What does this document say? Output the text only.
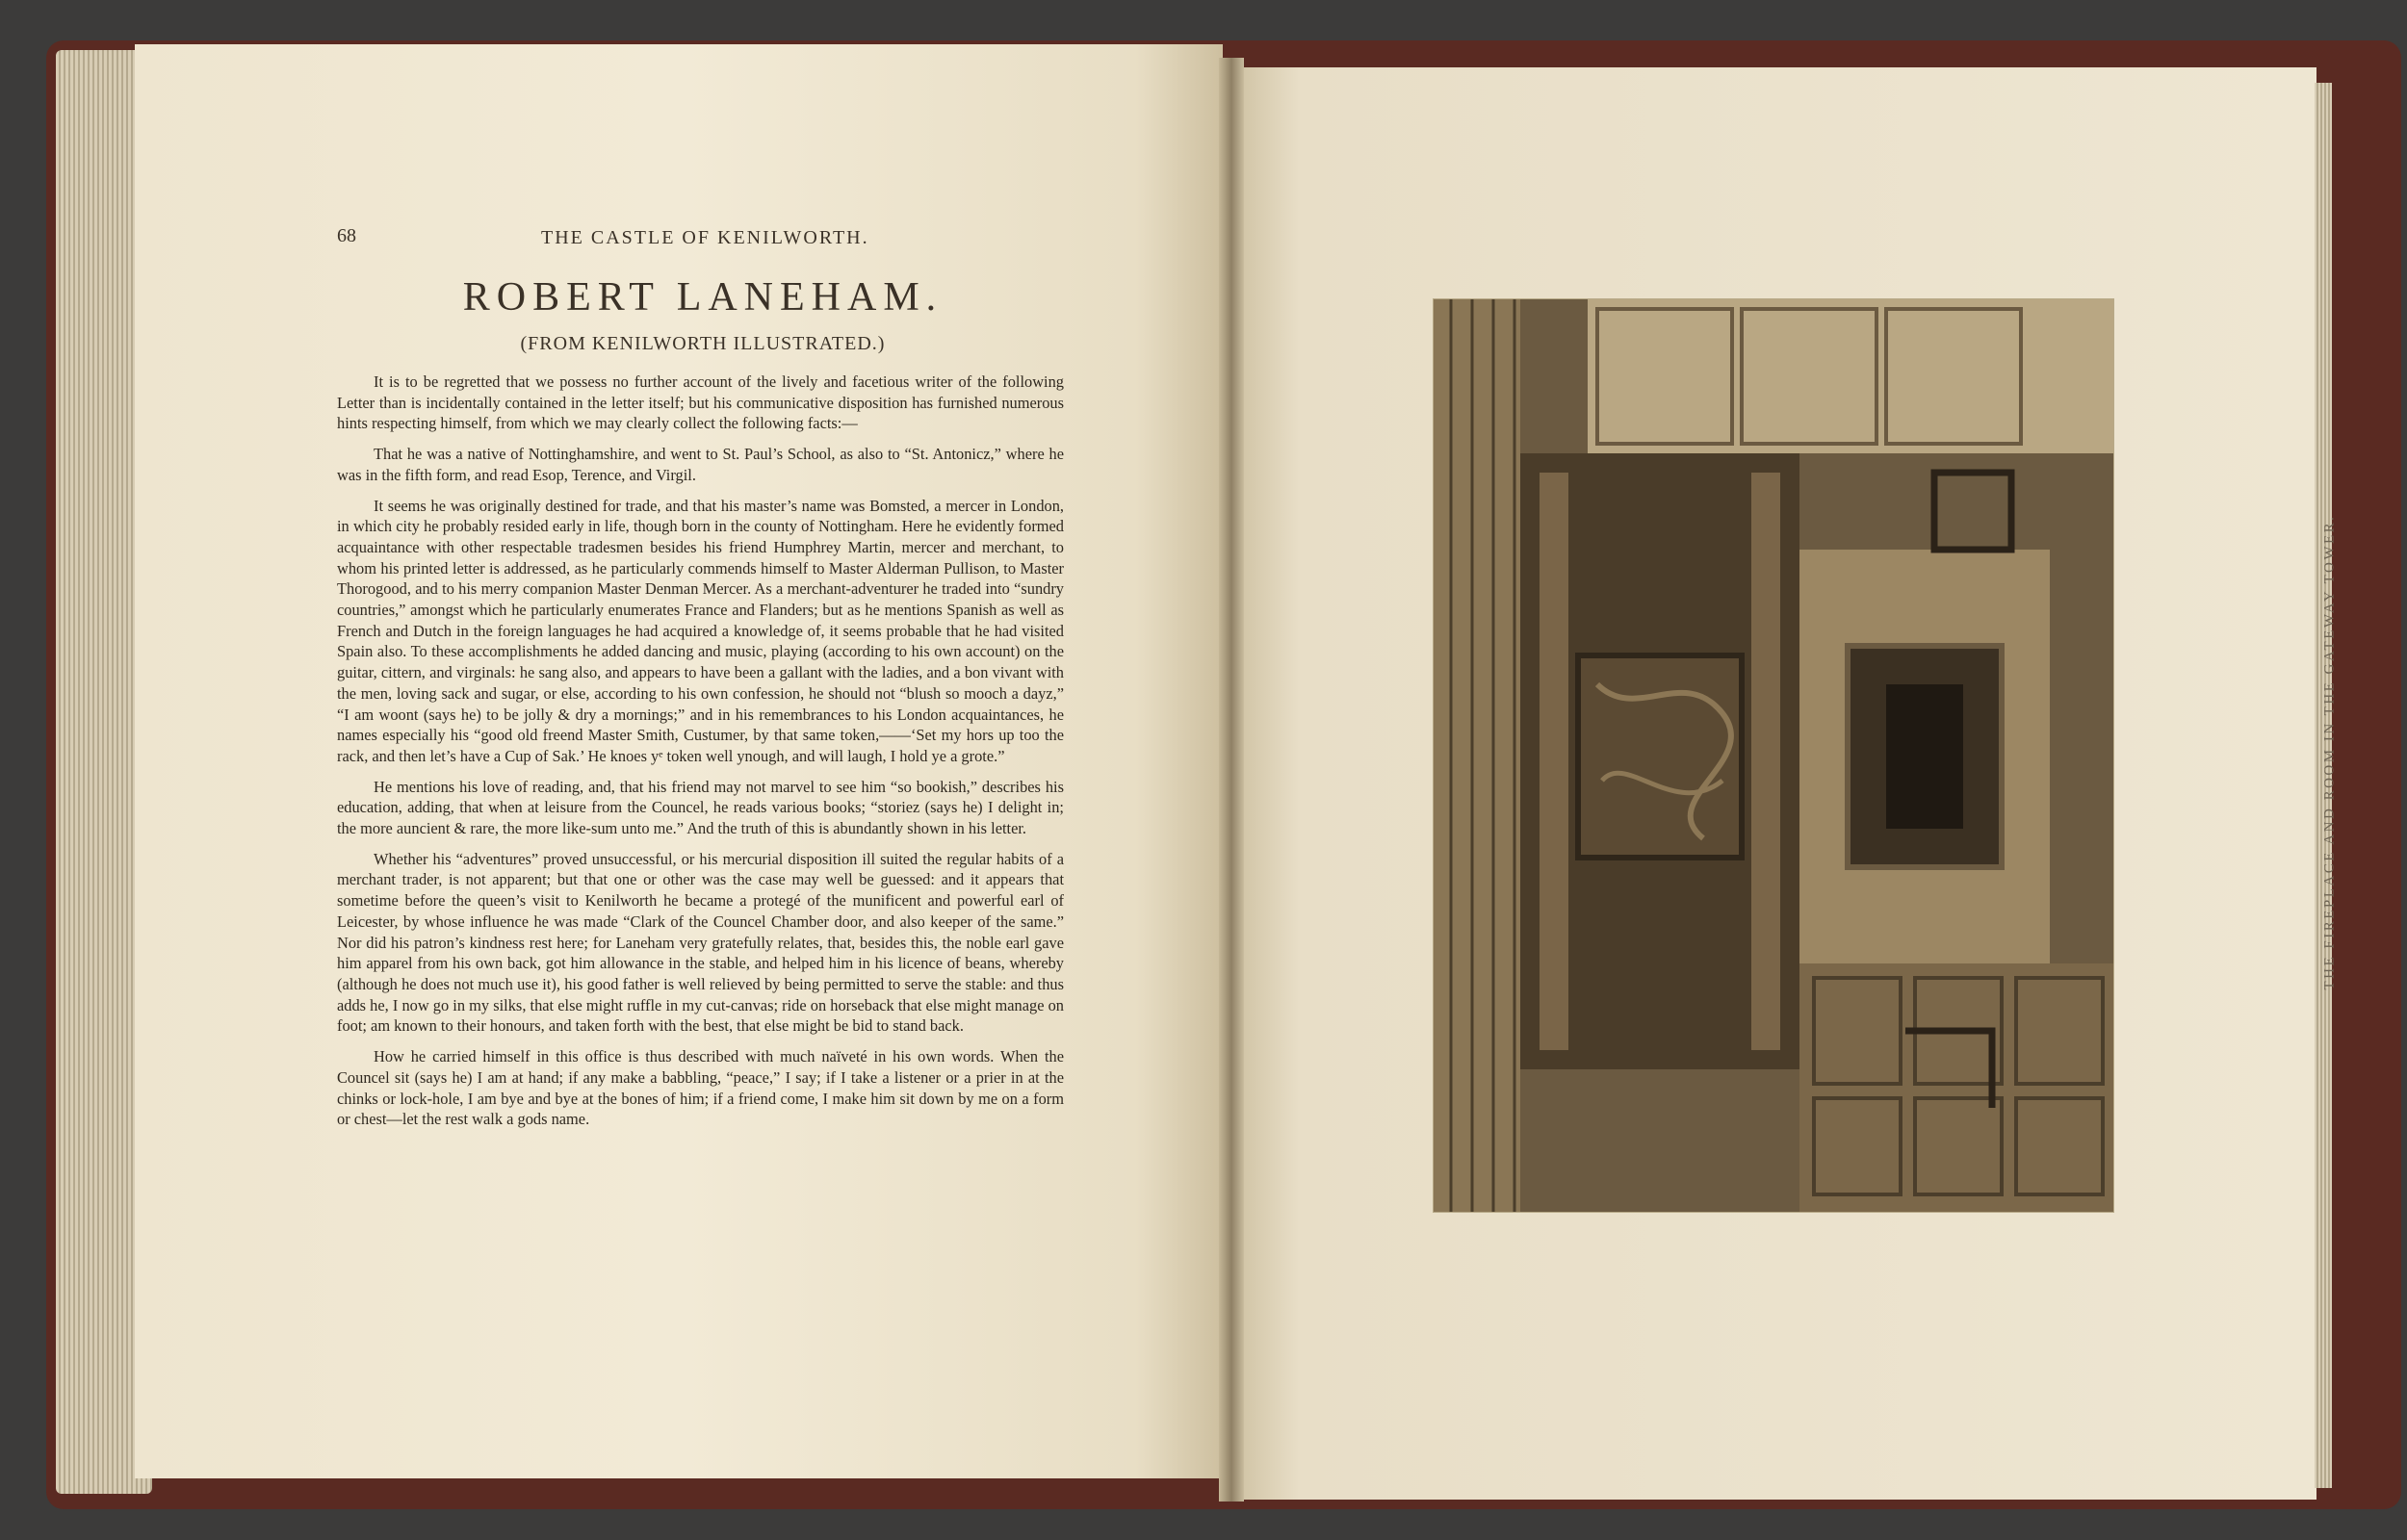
68	THE CASTLE OF KENILWORTH.
ROBERT LANEHAM.
(FROM KENILWORTH ILLUSTRATED.)

It is to be regretted that we possess no further account of the lively and facetious writer of the following Letter than is incidentally contained in the letter itself; but his communicative disposition has furnished numerous hints respecting himself, from which we may clearly collect the following facts:—

That he was a native of Nottinghamshire, and went to St. Paul’s School, as also to “St. Antonicz,” where he was in the fifth form, and read Esop, Terence, and Virgil.

It seems he was originally destined for trade, and that his master’s name was Bomsted, a mercer in London, in which city he probably resided early in life, though born in the county of Nottingham. Here he evidently formed acquaintance with other respectable tradesmen besides his friend Humphrey Martin, mercer and merchant, to whom his printed letter is addressed, as he particularly commends himself to Master Alderman Pullison, to Master Thorogood, and to his merry companion Master Denman Mercer. As a merchant-adventurer he traded into “sundry countries,” amongst which he particularly enumerates France and Flanders; but as he mentions Spanish as well as French and Dutch in the foreign languages he had acquired a knowledge of, it seems probable that he had visited Spain also. To these accomplishments he added dancing and music, playing (according to his own account) on the guitar, cittern, and virginals: he sang also, and appears to have been a gallant with the ladies, and a bon vivant with the men, loving sack and sugar, or else, according to his own confession, he should not “blush so mooch a dayz,” “I am woont (says he) to be jolly & dry a mornings;” and in his remembrances to his London acquaintances, he names especially his “good old freend Master Smith, Custumer, by that same token,——‘Set my hors up too the rack, and then let’s have a Cup of Sak.’ He knoes yᵉ token well ynough, and will laugh, I hold ye a grote.”

He mentions his love of reading, and, that his friend may not marvel to see him “so bookish,” describes his education, adding, that when at leisure from the Councel, he reads various books; “storiez (says he) I delight in; the more auncient & rare, the more like-sum unto me.” And the truth of this is abundantly shown in his letter.

Whether his “adventures” proved unsuccessful, or his mercurial disposition ill suited the regular habits of a merchant trader, is not apparent; but that one or other was the case may well be guessed: and it appears that sometime before the queen’s visit to Kenilworth he became a protegé of the munificent and powerful earl of Leicester, by whose influence he was made “Clark of the Councel Chamber door, and also keeper of the same.” Nor did his patron’s kindness rest here; for Laneham very gratefully relates, that, besides this, the noble earl gave him apparel from his own back, got him allowance in the stable, and helped him in his licence of beans, whereby (although he does not much use it), his good father is well relieved by being permitted to serve the stable: and thus adds he, I now go in my silks, that else might ruffle in my cut-canvas; ride on horseback that else might manage on foot; am known to their honours, and taken forth with the best, that else might be bid to stand back.

How he carried himself in this office is thus described with much naïveté in his own words. When the Councel sit (says he) I am at hand; if any make a babbling, “peace,” I say; if I take a listener or a prier in at the chinks or lock-hole, I am bye and bye at the bones of him; if a friend come, I make him sit down by me on a form or chest—let the rest walk a gods name.

THE FIREPLACE AND ROOM IN THE GATEWAY TOWER.
